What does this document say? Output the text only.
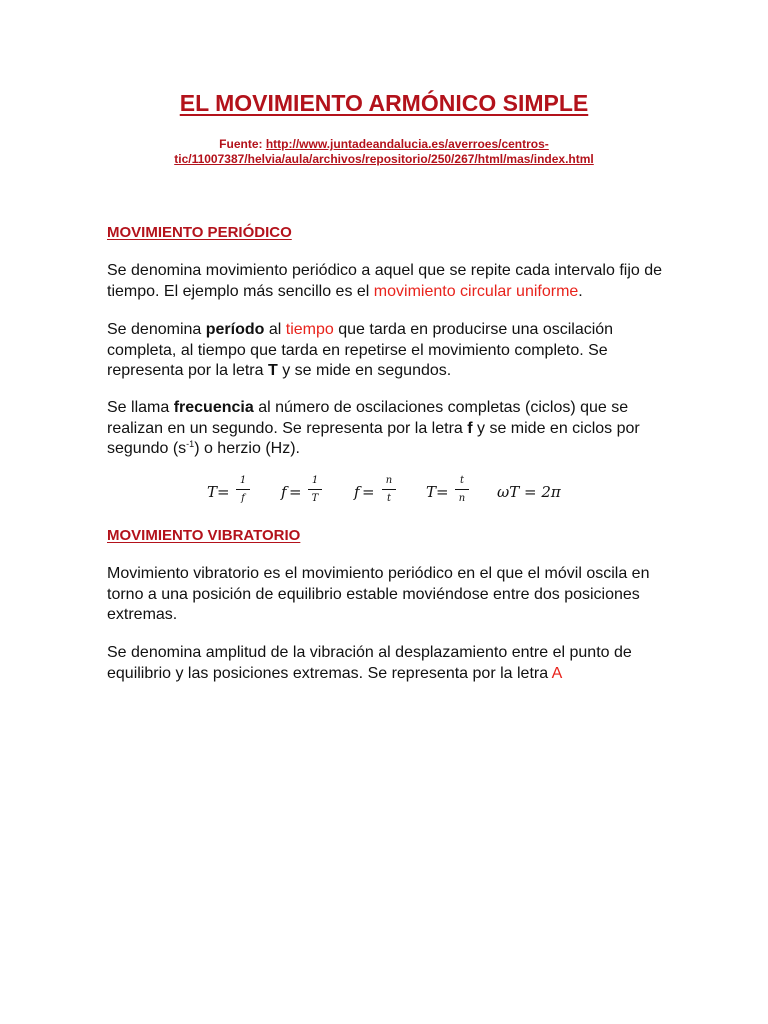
EL MOVIMIENTO ARMÓNICO SIMPLE
Fuente: http://www.juntadeandalucia.es/averroes/centros-
tic/11007387/helvia/aula/archivos/repositorio/250/267/html/mas/index.html
MOVIMIENTO PERIÓDICO

Se denomina movimiento periódico a aquel que se repite cada intervalo fijo de tiempo. El ejemplo más sencillo es el movimiento circular uniforme.

Se denomina período al tiempo que tarda en producirse una oscilación completa, al tiempo que tarda en repetirse el movimiento completo. Se representa por la letra T y se mide en segundos.

Se llama frecuencia al número de oscilaciones completas (ciclos) que se realizan en un segundo. Se representa por la letra f y se mide en ciclos por segundo $(s^{-1})$ o herzio (Hz).

T =
1
f	f =
1
T f =
n
t	T =
t
n ωT = 2π
MOVIMIENTO VIBRATORIO

Movimiento vibratorio es el movimiento periódico en el que el móvil oscila en torno a una posición de equilibrio estable moviéndose entre dos posiciones extremas.

Se denomina amplitud de la vibración al desplazamiento entre el punto de equilibrio y las posiciones extremas. Se representa por la letra A
